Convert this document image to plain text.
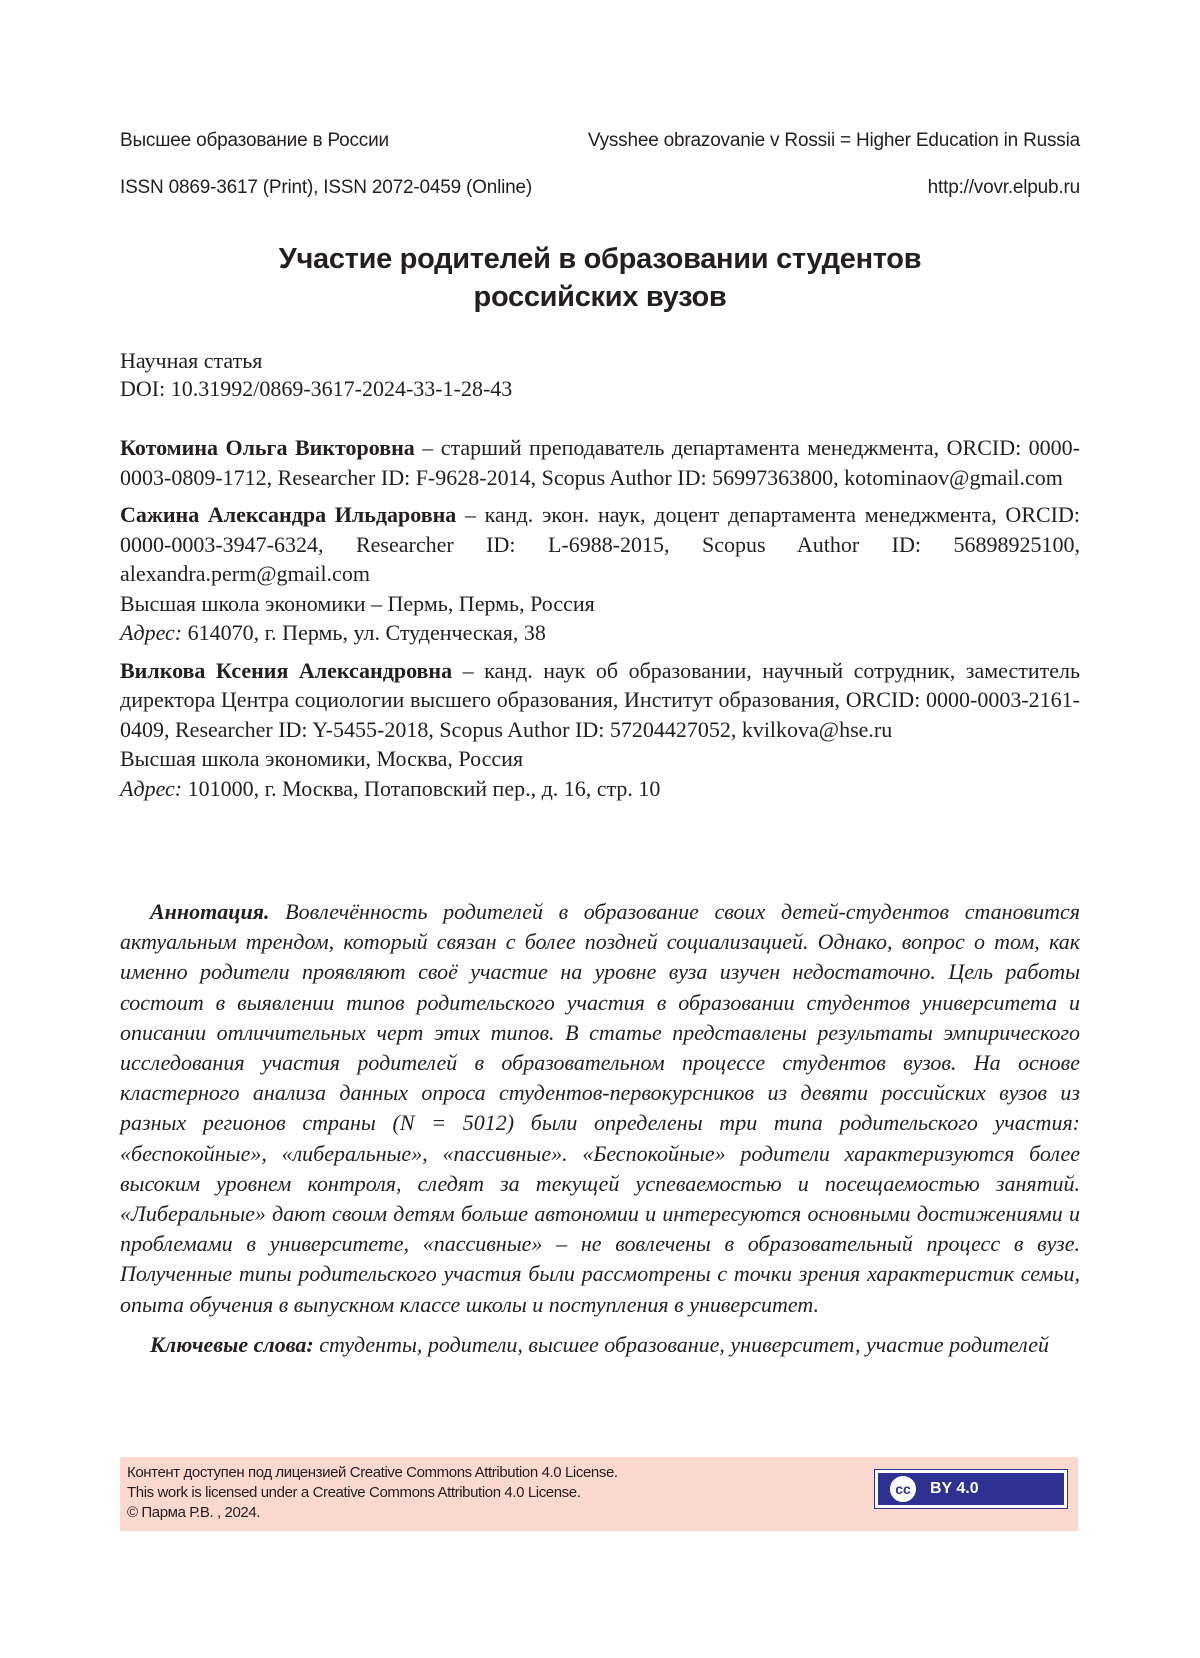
Высшее образование в России	Vysshee obrazovanie v Rossii = Higher Education in Russia
ISSN 0869-3617 (Print), ISSN 2072-0459 (Online)	http://vovr.elpub.ru
Участие родителей в образовании студентов
российских вузов
Научная статья
DOI: 10.31992/0869-3617-2024-33-1-28-43
Котомина Ольга Викторовна – старший преподаватель департамента менеджмента, ORCID: 0000-0003-0809-1712, Researcher ID: F-9628-2014, Scopus Author ID: 56997363800, kotominaov@gmail.com
Сажина Александра Ильдаровна – канд. экон. наук, доцент департамента менеджмента, ORCID: 0000-0003-3947-6324, Researcher ID: L-6988-2015, Scopus Author ID: 56898925100, alexandra.perm@gmail.com
Высшая школа экономики – Пермь, Пермь, Россия
Адрес: 614070, г. Пермь, ул. Студенческая, 38
Вилкова Ксения Александровна – канд. наук об образовании, научный сотрудник, заместитель директора Центра социологии высшего образования, Институт образования, ORCID: 0000-0003-2161-0409, Researcher ID: Y-5455-2018, Scopus Author ID: 57204427052, kvilkova@hse.ru
Высшая школа экономики, Москва, Россия
Адрес: 101000, г. Москва, Потаповский пер., д. 16, стр. 10

Аннотация. Вовлечённость родителей в образование своих детей-студентов становится актуальным трендом, который связан с более поздней социализацией. Однако, вопрос о том, как именно родители проявляют своё участие на уровне вуза изучен недостаточно. Цель работы состоит в выявлении типов родительского участия в образовании студентов университета и описании отличительных черт этих типов. В статье представлены результаты эмпирического исследования участия родителей в образовательном процессе студентов вузов. На основе кластерного анализа данных опроса студентов-первокурсников из девяти российских вузов из разных регионов страны (N = 5012) были определены три типа родительского участия: «беспокойные», «либеральные», «пассивные». «Беспокойные» родители характеризуются более высоким уровнем контроля, следят за текущей успеваемостью и посещаемостью занятий. «Либеральные» дают своим детям больше автономии и интересуются основными достижениями и проблемами в университете, «пассивные» – не вовлечены в образовательный процесс в вузе. Полученные типы родительского участия были рассмотрены с точки зрения характеристик семьи, опыта обучения в выпускном классе школы и поступления в университет.

Ключевые слова: студенты, родители, высшее образование, университет, участие родителей

Контент доступен под лицензией Creative Commons Attribution 4.0 License.
This work is licensed under a Creative Commons Attribution 4.0 License.
© Парма Р.В. , 2024.
cc	BY 4.0
